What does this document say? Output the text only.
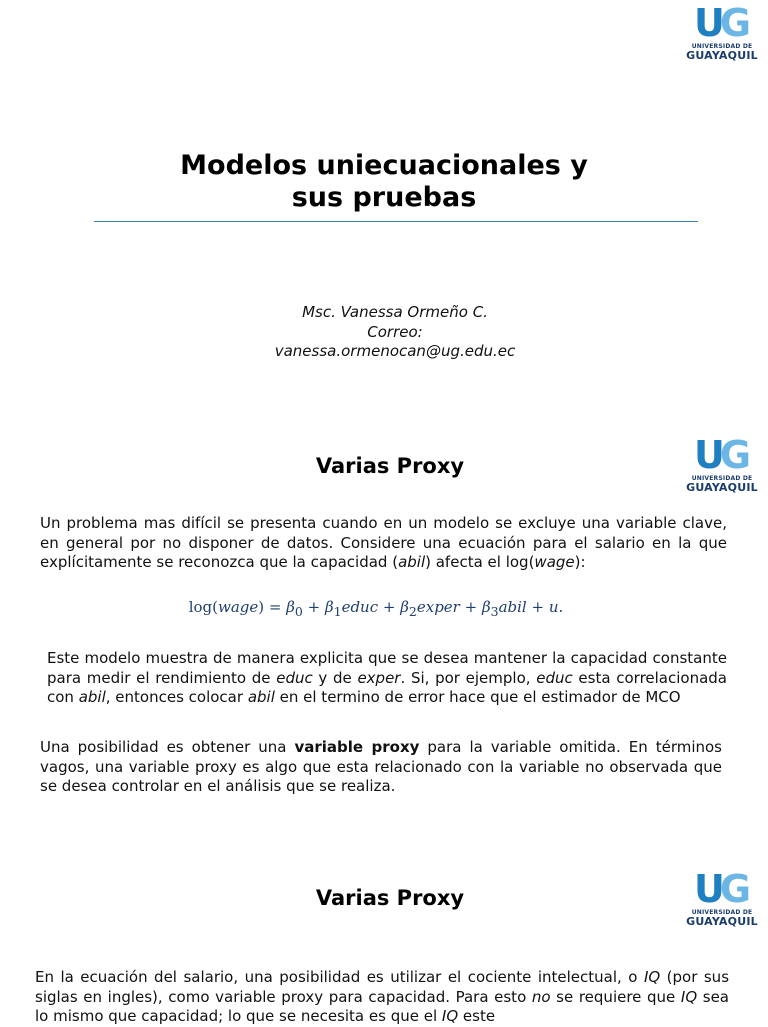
UG
UNIVERSIDAD DE
GUAYAQUIL
Modelos uniecuacionales y
sus pruebas
Msc. Vanessa Ormeño C.
Correo:
vanessa.ormenocan@ug.edu.ec
UG
UNIVERSIDAD DE
GUAYAQUIL
Varias Proxy

Un problema mas difícil se presenta cuando en un modelo se excluye una variable clave, en general por no disponer de datos. Considere una ecuación para el salario en la que explícitamente se reconozca que la capacidad (abil) afecta el log(wage):

log(wage) = $\beta_0$ + $\beta_1educ$ + $\beta_2exper$ + $\beta_3abil + u$.

Este modelo muestra de manera explicita que se desea mantener la capacidad constante para medir el rendimiento de educ y de exper. Si, por ejemplo, educ esta correlacionada con abil, entonces colocar abil en el termino de error hace que el estimador de MCO

Una posibilidad es obtener una variable proxy para la variable omitida. En términos vagos, una variable proxy es algo que esta relacionado con la variable no observada que se desea controlar en el análisis que se realiza.

UG
UNIVERSIDAD DE
GUAYAQUIL
Varias Proxy

En la ecuación del salario, una posibilidad es utilizar el cociente intelectual, o IQ (por sus siglas en ingles), como variable proxy para capacidad. Para esto no se requiere que IQ sea lo mismo que capacidad; lo que se necesita es que el IQ este
